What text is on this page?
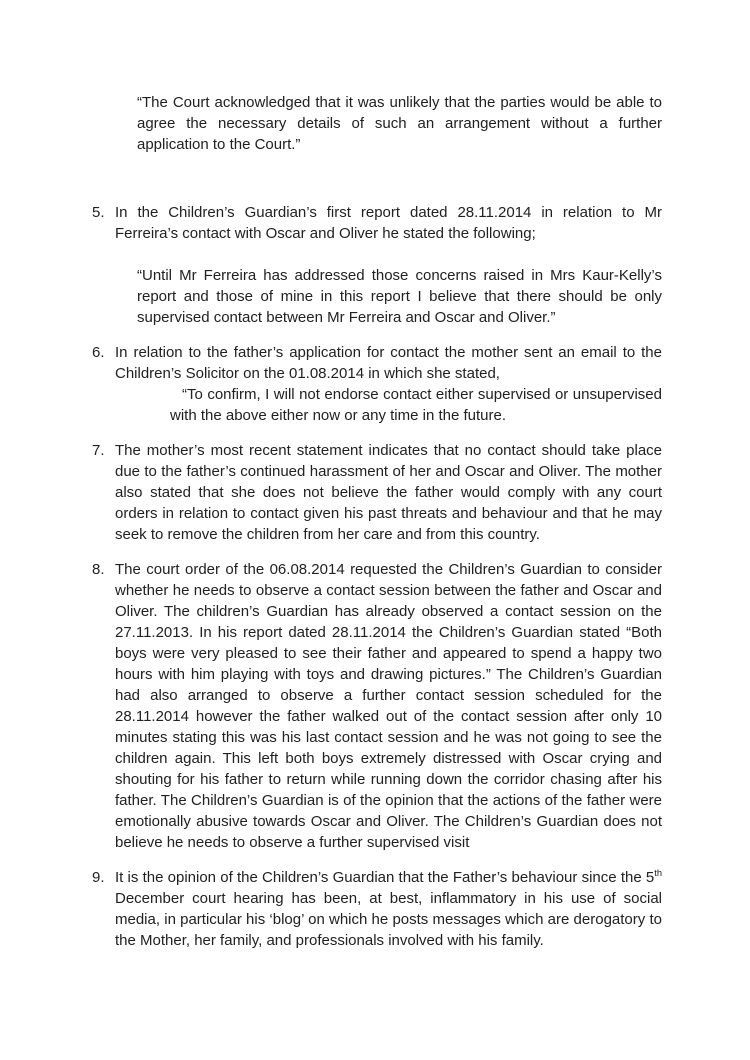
“The Court acknowledged that it was unlikely that the parties would be able to agree the necessary details of such an arrangement without a further application to the Court.”

5. In the Children’s Guardian’s first report dated 28.11.2014 in relation to Mr Ferreira’s contact with Oscar and Oliver he stated the following;

“Until Mr Ferreira has addressed those concerns raised in Mrs Kaur-Kelly’s report and those of mine in this report I believe that there should be only supervised contact between Mr Ferreira and Oscar and Oliver.”

6. In relation to the father’s application for contact the mother sent an email to the Children’s Solicitor on the 01.08.2014 in which she stated,

“To confirm, I will not endorse contact either supervised or unsupervised with the above either now or any time in the future.

7. The mother’s most recent statement indicates that no contact should take place due to the father’s continued harassment of her and Oscar and Oliver. The mother also stated that she does not believe the father would comply with any court orders in relation to contact given his past threats and behaviour and that he may seek to remove the children from her care and from this country.

8. The court order of the 06.08.2014 requested the Children’s Guardian to consider whether he needs to observe a contact session between the father and Oscar and Oliver. The children’s Guardian has already observed a contact session on the 27.11.2013. In his report dated 28.11.2014 the Children’s Guardian stated “Both boys were very pleased to see their father and appeared to spend a happy two hours with him playing with toys and drawing pictures.” The Children’s Guardian had also arranged to observe a further contact session scheduled for the 28.11.2014 however the father walked out of the contact session after only 10 minutes stating this was his last contact session and he was not going to see the children again. This left both boys extremely distressed with Oscar crying and shouting for his father to return while running down the corridor chasing after his father. The Children’s Guardian is of the opinion that the actions of the father were emotionally abusive towards Oscar and Oliver. The Children’s Guardian does not believe he needs to observe a further supervised visit

9. It is the opinion of the Children’s Guardian that the Father’s behaviour since the 5th December court hearing has been, at best, inflammatory in his use of social media, in particular his ‘blog’ on which he posts messages which are derogatory to the Mother, her family, and professionals involved with his family.
